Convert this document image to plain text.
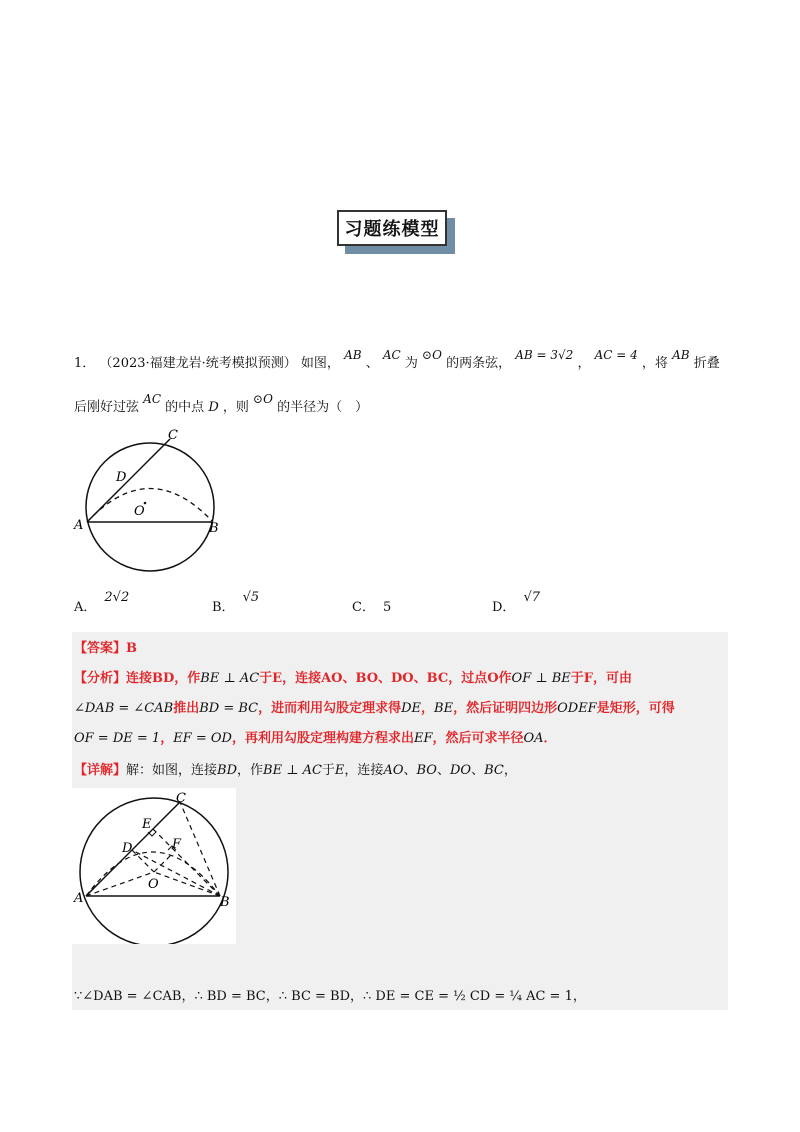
习题练模型
1． （2023·福建龙岩·统考模拟预测） 如图， AB 、 AC 为 ⊙O 的两条弦， AB = 3√2 ， AC = 4 ，将 AB 折叠
后刚好过弦 AC 的中点 D ，则 ⊙O 的半径为（　）
C
D
O
A	B
A．2√2
B．√5
C． 5	D．√7
【答案】B
【分析】连接BD，作BE ⊥ AC于E，连接AO、BO、DO、BC，过点O作OF ⊥ BE于F，可由
∠DAB = ∠CAB推出BD = BC，进而利用勾股定理求得DE，BE，然后证明四边形ODEF是矩形，可得
OF = DE = 1，EF = OD，再利用勾股定理构建方程求出EF，然后可求半径OA．
【详解】解：如图，连接BD，作BE ⊥ AC于E，连接AO、BO、DO、BC，
C
E
F
D
O
A	B
∵∠DAB = ∠CAB，∴ BD = BC，∴ BC = BD，∴ DE = CE = ½ CD = ¼ AC = 1，
